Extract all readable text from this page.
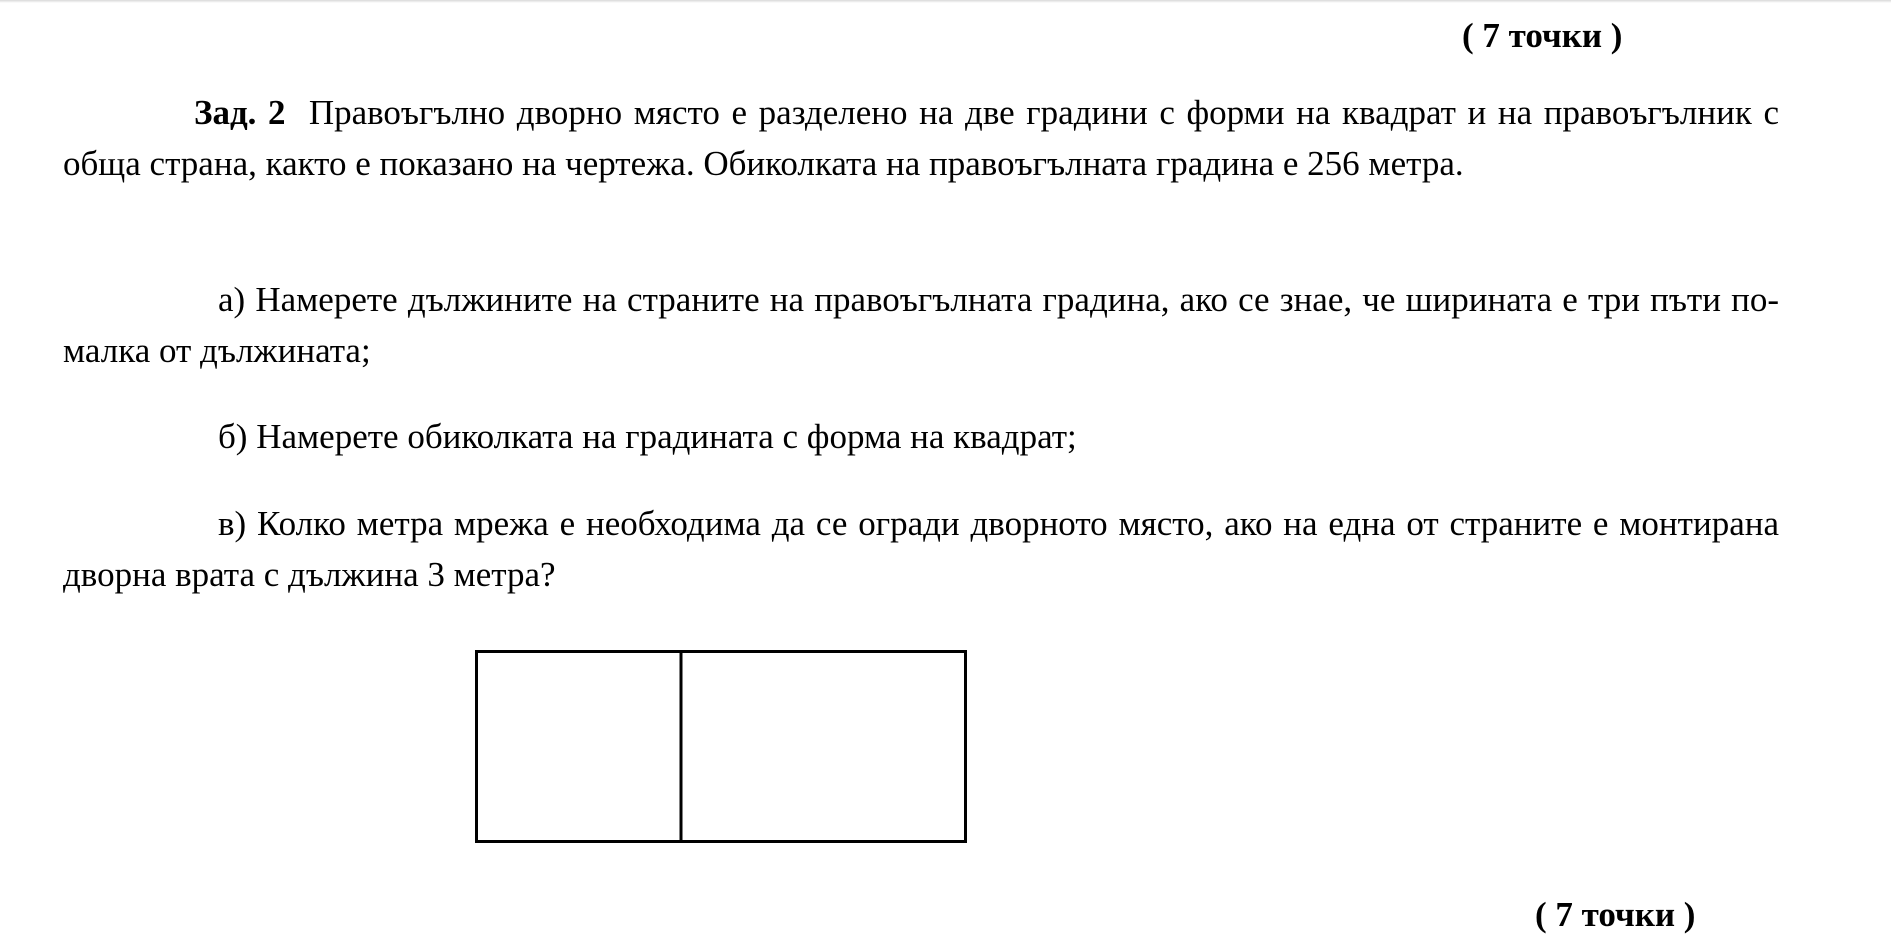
( 7 точки )
Зад. 2 Правоъгълно дворно място е разделено на две градини с форми на квадрат и на правоъгълник с обща страна, както е показано на чертежа. Обиколката на правоъгълната градина е 256 метра.
а) Намерете дължините на страните на правоъгълната градина, ако се знае, че ширината е три пъти по-малка от дължината;
б) Намерете обиколката на градината с форма на квадрат;
в) Колко метра мрежа е необходима да се огради дворното място, ако на една от страните е монтирана дворна врата с дължина 3 метра?
( 7 точки )
